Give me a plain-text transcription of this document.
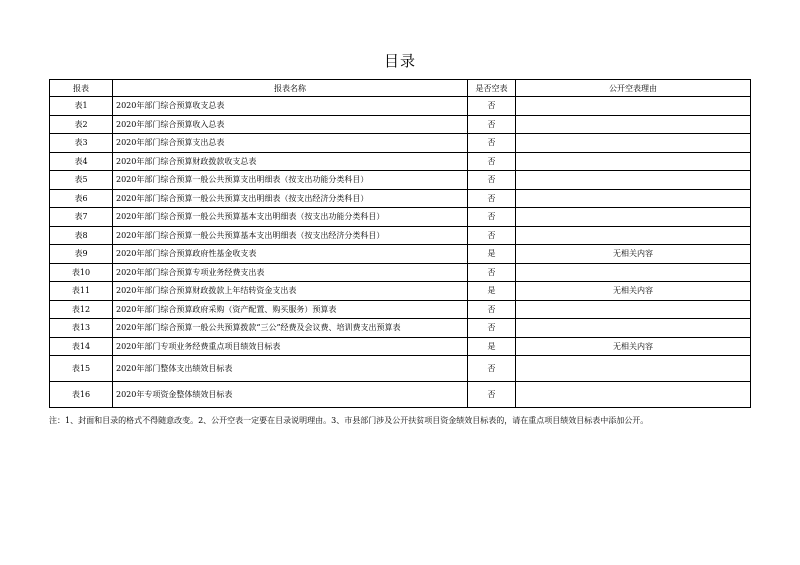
目录
报表	报表名称	是否空表	公开空表理由
表1	2020年部门综合预算收支总表	否	
表2	2020年部门综合预算收入总表	否	
表3	2020年部门综合预算支出总表	否	
表4	2020年部门综合预算财政拨款收支总表	否	
表5	2020年部门综合预算一般公共预算支出明细表（按支出功能分类科目）	否	
表6	2020年部门综合预算一般公共预算支出明细表（按支出经济分类科目）	否	
表7	2020年部门综合预算一般公共预算基本支出明细表（按支出功能分类科目）	否	
表8	2020年部门综合预算一般公共预算基本支出明细表（按支出经济分类科目）	否	
表9	2020年部门综合预算政府性基金收支表	是	无相关内容
表10	2020年部门综合预算专项业务经费支出表	否	
表11	2020年部门综合预算财政拨款上年结转资金支出表	是	无相关内容
表12	2020年部门综合预算政府采购（资产配置、购买服务）预算表	否	
表13	2020年部门综合预算一般公共预算拨款“三公”经费及会议费、培训费支出预算表	否	
表14	2020年部门专项业务经费重点项目绩效目标表	是	无相关内容
表15	2020年部门整体支出绩效目标表	否	
表16	2020年专项资金整体绩效目标表	否	
注：1、封面和目录的格式不得随意改变。2、公开空表一定要在目录说明理由。3、市县部门涉及公开扶贫项目资金绩效目标表的，请在重点项目绩效目标表中添加公开。
